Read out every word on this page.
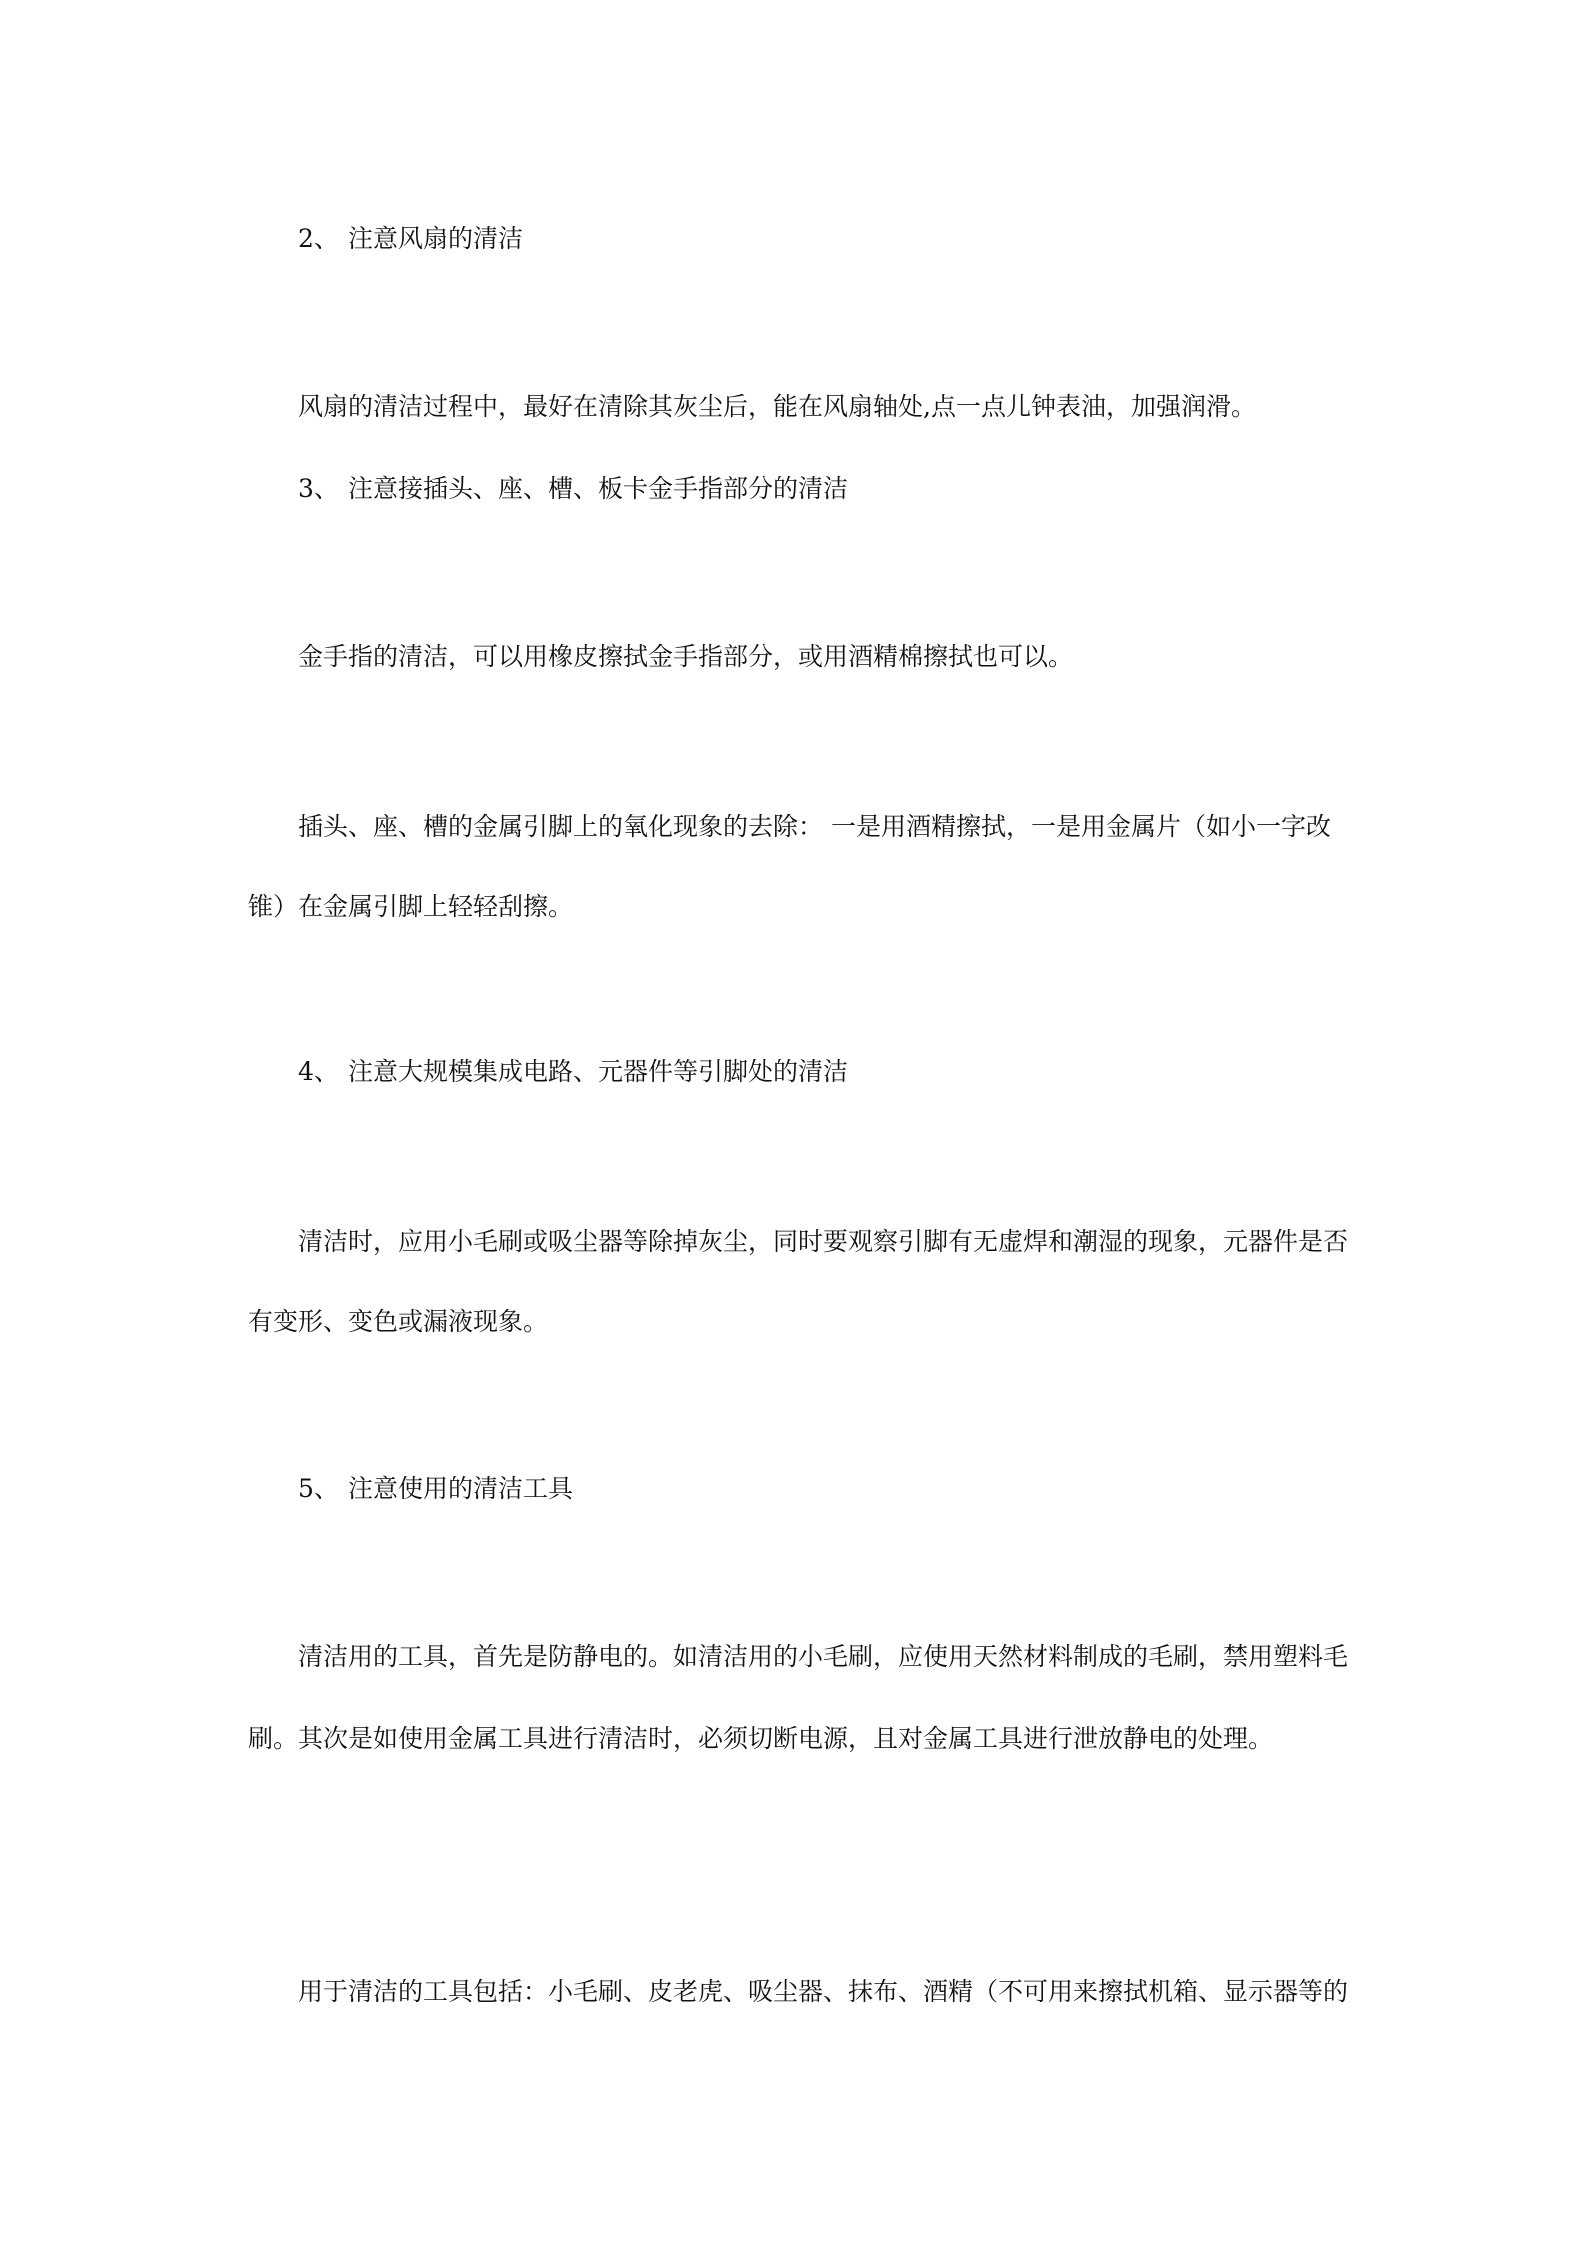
2、 注意风扇的清洁
风扇的清洁过程中，最好在清除其灰尘后，能在风扇轴处,点一点儿钟表油，加强润滑。
3、 注意接插头、座、槽、板卡金手指部分的清洁
金手指的清洁，可以用橡皮擦拭金手指部分，或用酒精棉擦拭也可以。
插头、座、槽的金属引脚上的氧化现象的去除： 一是用酒精擦拭，一是用金属片（如小一字改
锥）在金属引脚上轻轻刮擦。
4、 注意大规模集成电路、元器件等引脚处的清洁
清洁时，应用小毛刷或吸尘器等除掉灰尘，同时要观察引脚有无虚焊和潮湿的现象，元器件是否
有变形、变色或漏液现象。
5、 注意使用的清洁工具
清洁用的工具，首先是防静电的。如清洁用的小毛刷，应使用天然材料制成的毛刷，禁用塑料毛
刷。其次是如使用金属工具进行清洁时，必须切断电源，且对金属工具进行泄放静电的处理。
用于清洁的工具包括：小毛刷、皮老虎、吸尘器、抹布、酒精（不可用来擦拭机箱、显示器等的
